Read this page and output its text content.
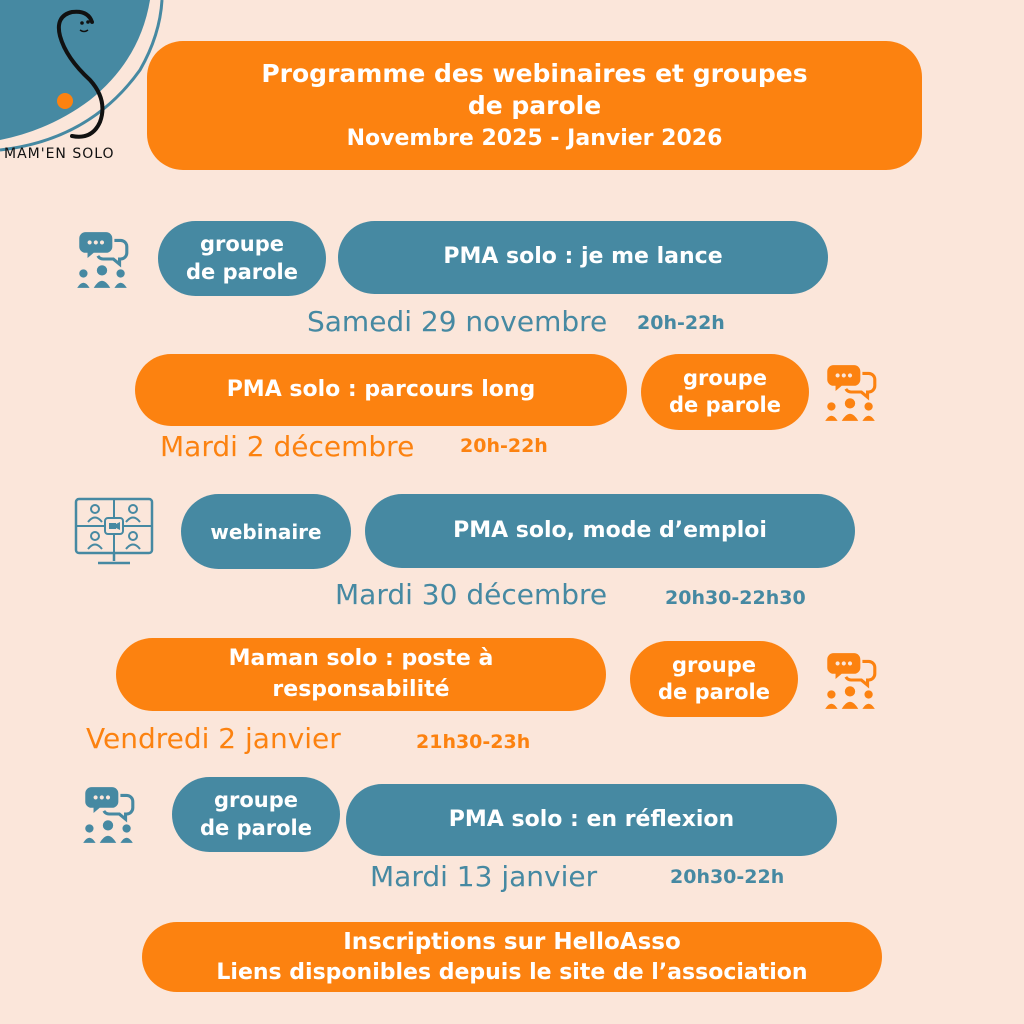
MAM'EN SOLO
Programme des webinaires et groupes
de parole
Novembre 2025 - Janvier 2026
groupe
de parole
PMA solo : je me lance
Samedi 29 novembre 20h-22h
PMA solo : parcours long	groupe
de parole
Mardi 2 décembre 20h-22h
webinaire	PMA solo, mode d’emploi
Mardi 30 décembre	20h30-22h30
Maman solo : poste à
responsabilité
groupe
de parole
Vendredi 2 janvier	21h30-23h
groupe
de parole	PMA solo : en réflexion
Mardi 13 janvier	20h30-22h
Inscriptions sur HelloAsso
Liens disponibles depuis le site de l’association
